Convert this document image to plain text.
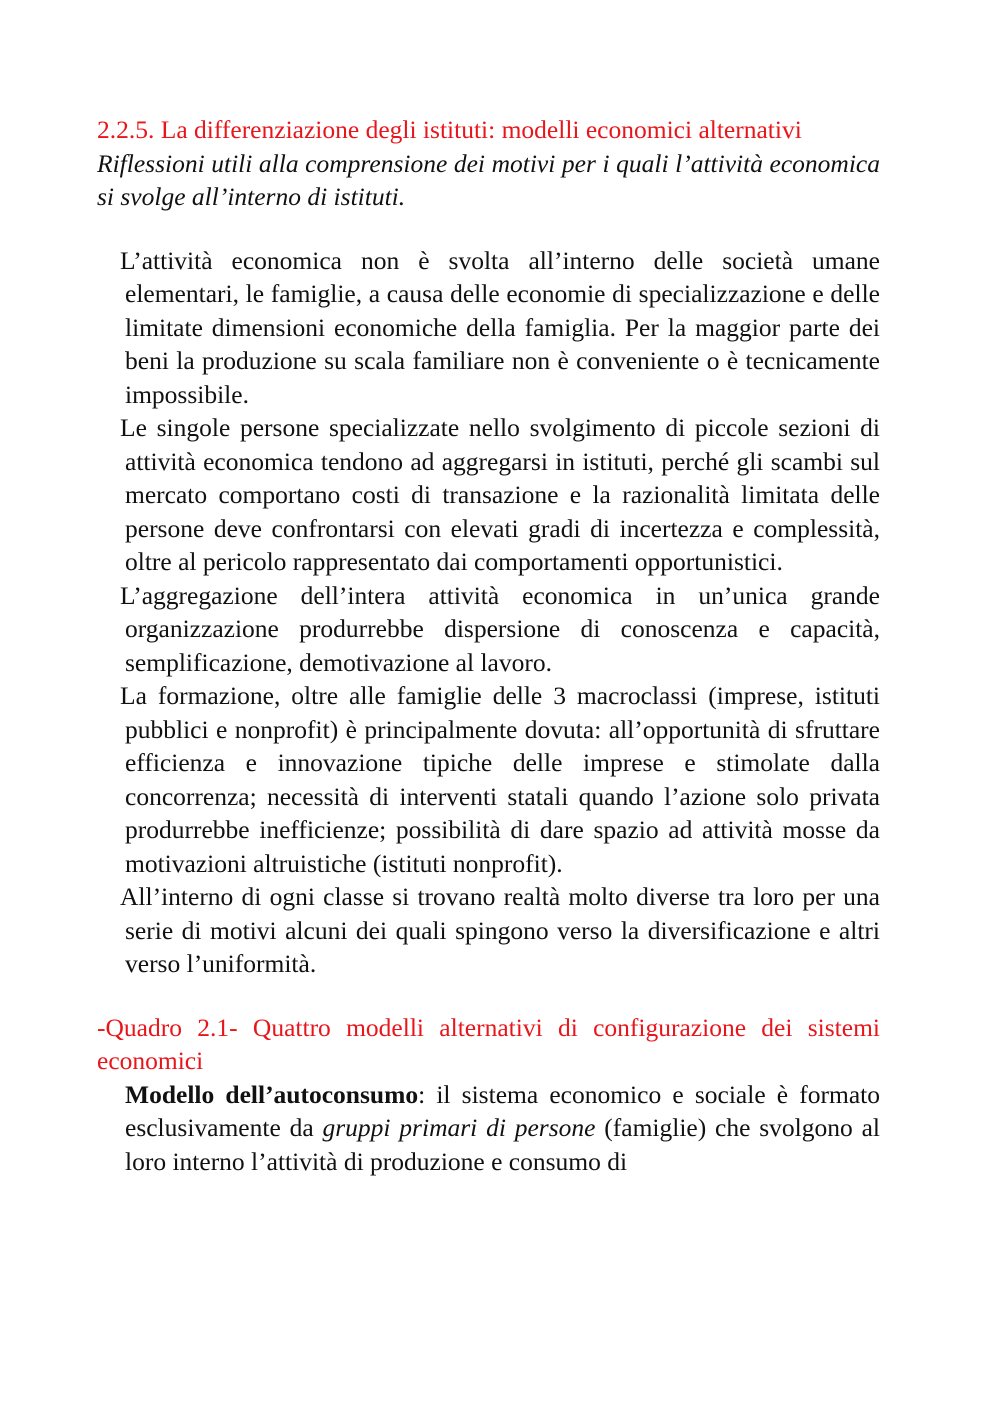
2.2.5. La differenziazione degli istituti: modelli economici alternativi

Riflessioni utili alla comprensione dei motivi per i quali l’attività economica si svolge all’interno di istituti.

L’attività economica non è svolta all’interno delle società umane elementari, le famiglie, a causa delle economie di specializzazione e delle limitate dimensioni economiche della famiglia. Per la maggior parte dei beni la produzione su scala familiare non è conveniente o è tecnicamente impossibile.

Le singole persone specializzate nello svolgimento di piccole sezioni di attività economica tendono ad aggregarsi in istituti, perché gli scambi sul mercato comportano costi di transazione e la razionalità limitata delle persone deve confrontarsi con elevati gradi di incertezza e complessità, oltre al pericolo rappresentato dai comportamenti opportunistici.

L’aggregazione dell’intera attività economica in un’unica grande organizzazione produrrebbe dispersione di conoscenza e capacità, semplificazione, demotivazione al lavoro.

La formazione, oltre alle famiglie delle 3 macroclassi (imprese, istituti pubblici e nonprofit) è principalmente dovuta: all’opportunità di sfruttare efficienza e innovazione tipiche delle imprese e stimolate dalla concorrenza; necessità di interventi statali quando l’azione solo privata produrrebbe inefficienze; possibilità di dare spazio ad attività mosse da motivazioni altruistiche (istituti nonprofit).

All’interno di ogni classe si trovano realtà molto diverse tra loro per una serie di motivi alcuni dei quali spingono verso la diversificazione e altri verso l’uniformità.

-Quadro 2.1- Quattro modelli alternativi di configurazione dei sistemi economici

Modello dell’autoconsumo: il sistema economico e sociale è formato esclusivamente da gruppi primari di persone (famiglie) che svolgono al loro interno l’attività di produzione e consumo di
